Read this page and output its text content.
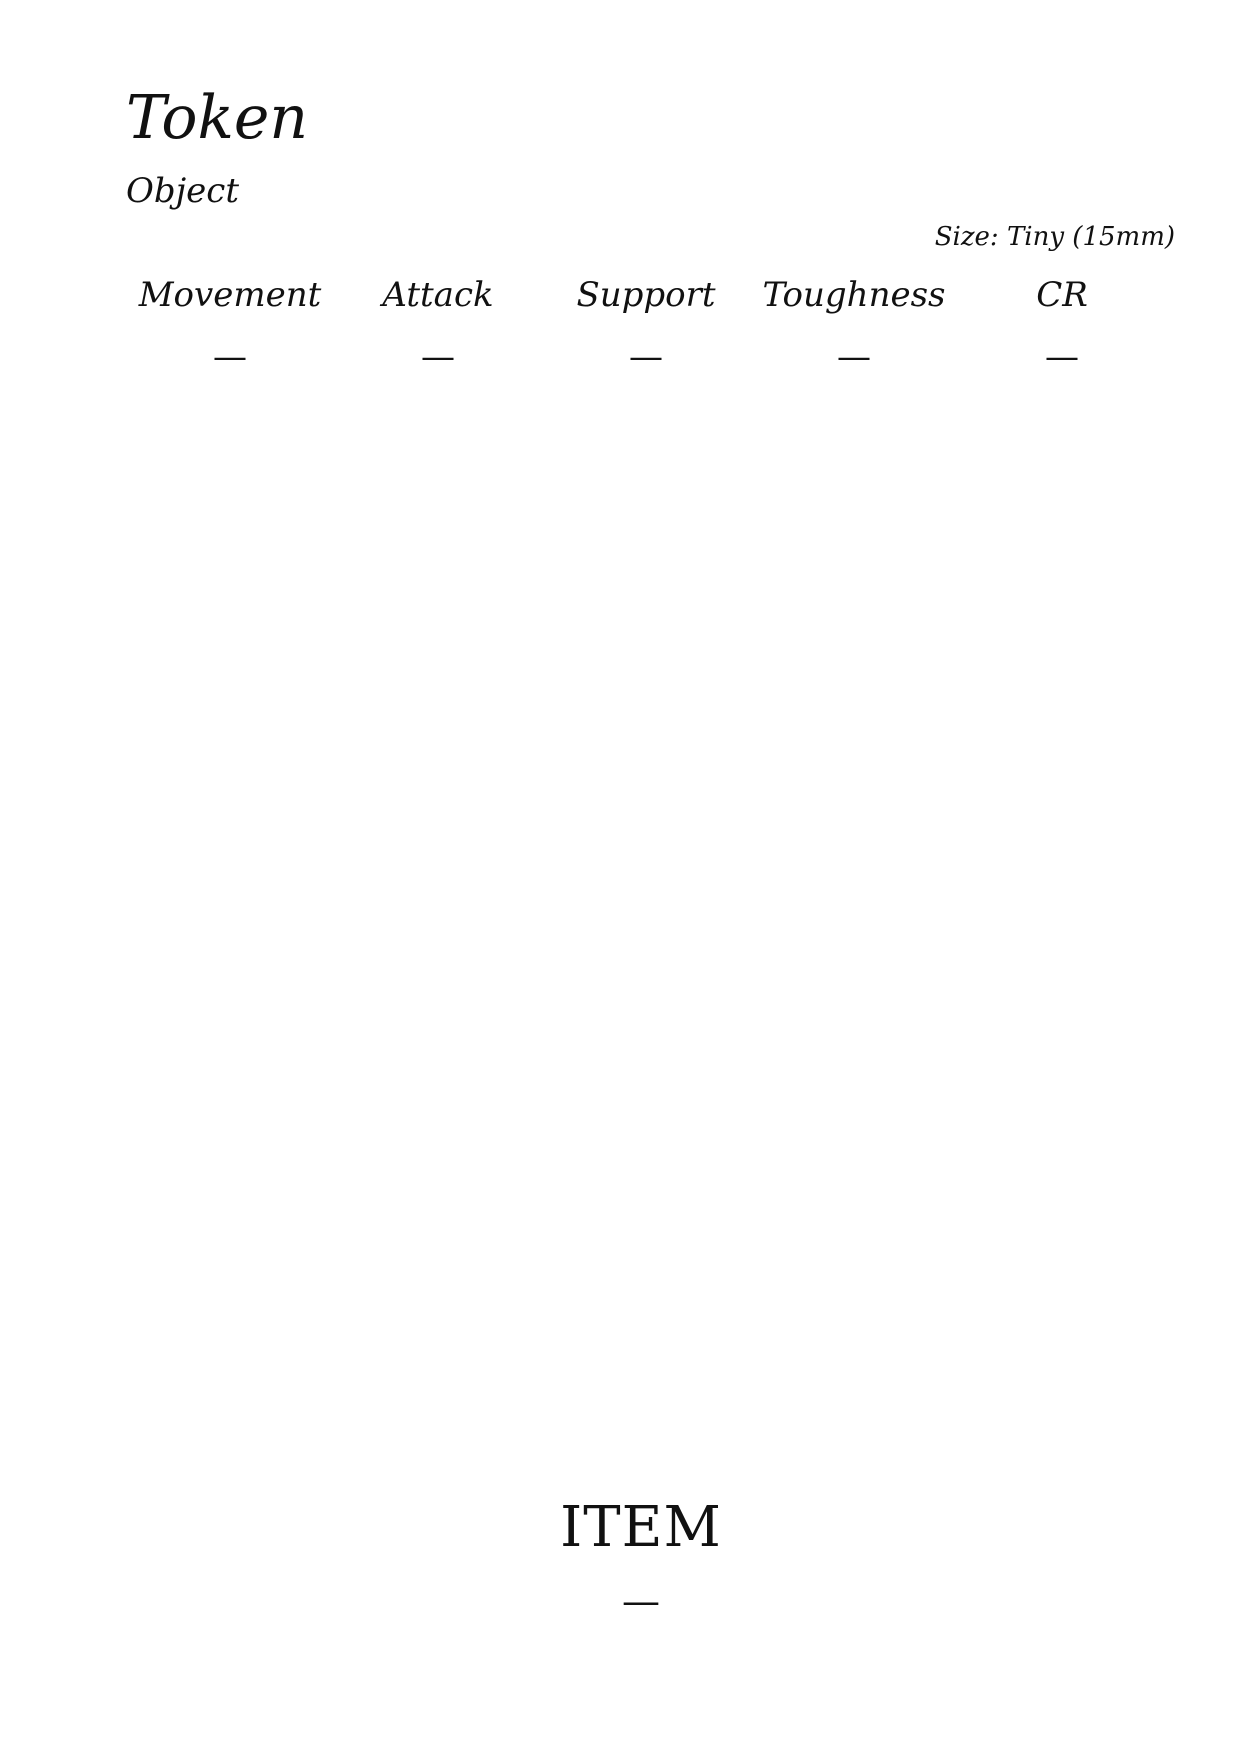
Token
Object
Size: Tiny (15mm)
Movement
—
Attack
—
Support
—
Toughness
—
CR
—
ITEM
—
